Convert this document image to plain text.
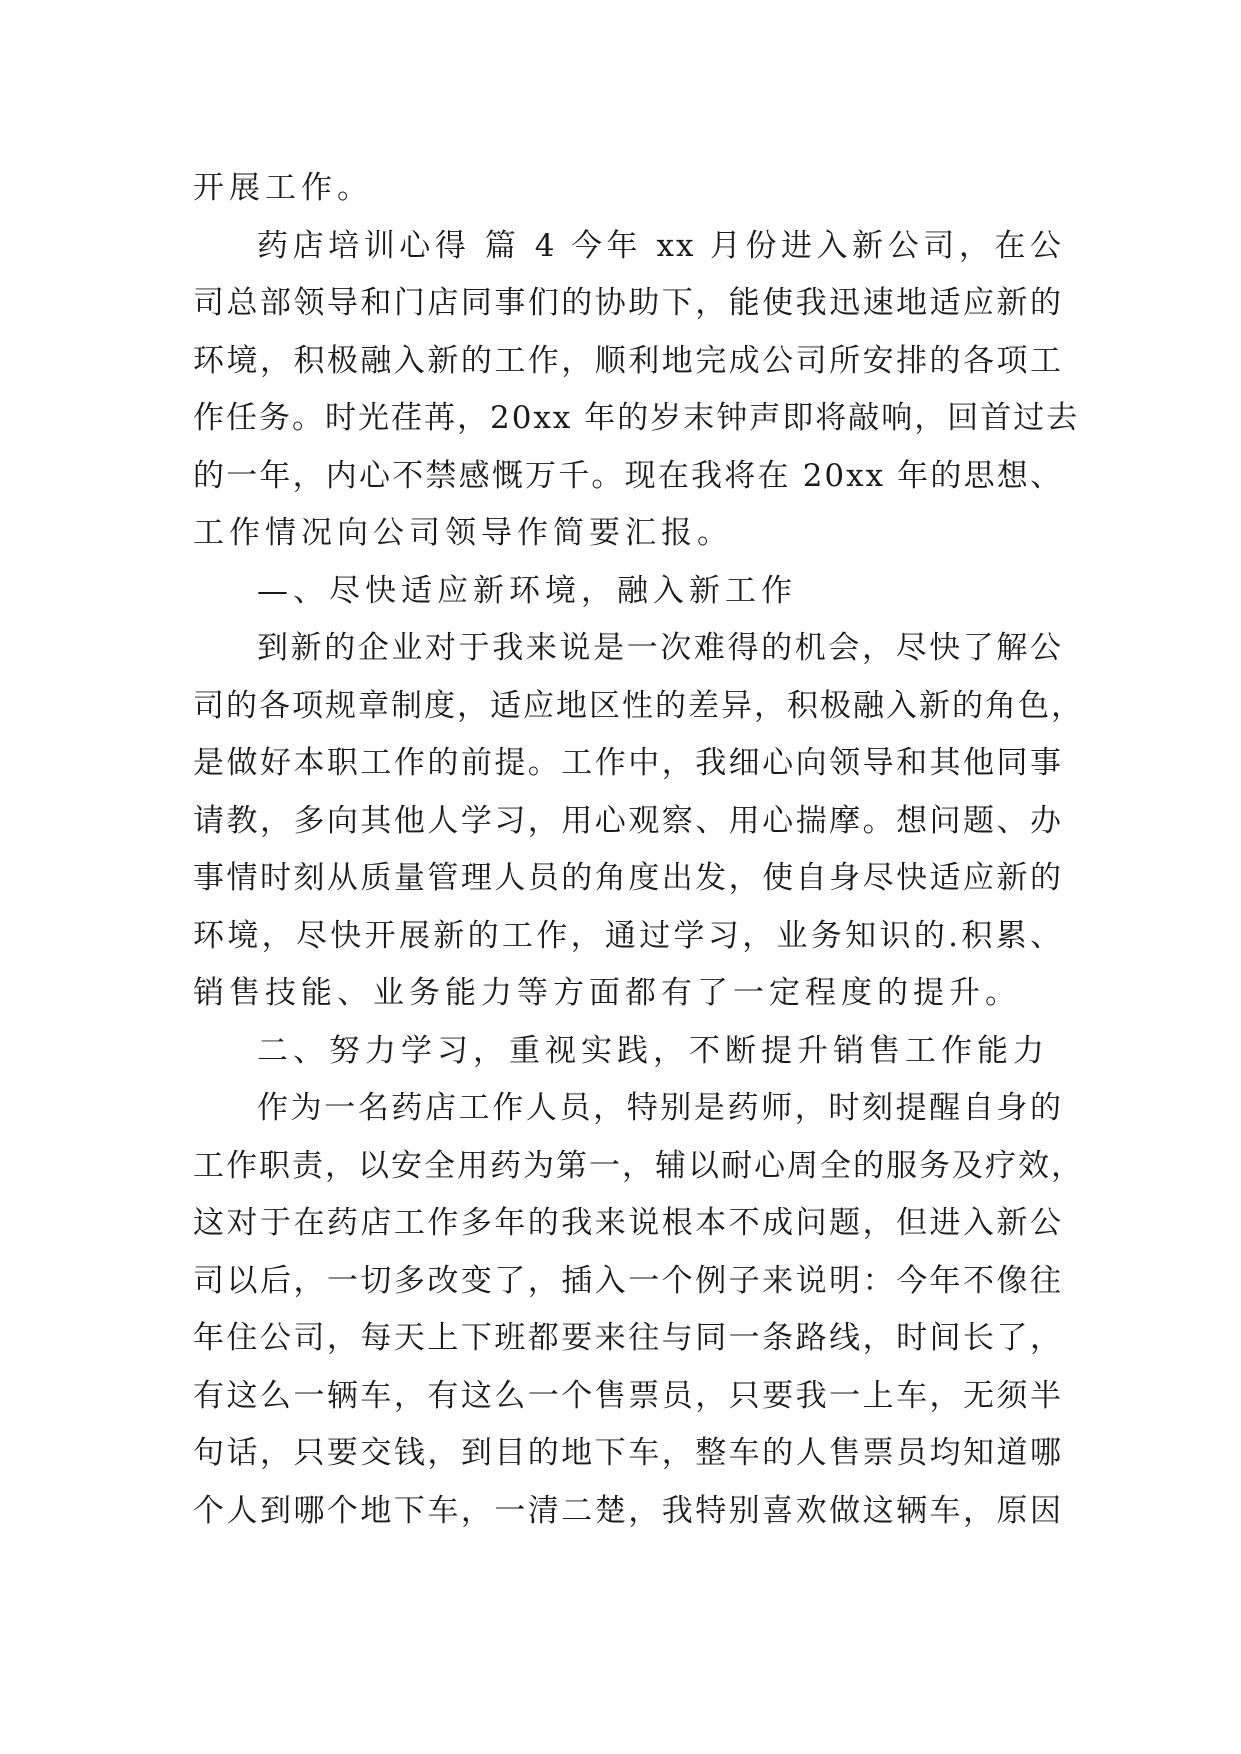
开展工作。
药店培训心得 篇 4 今年 xx 月份进入新公司，在公
司总部领导和门店同事们的协助下，能使我迅速地适应新的
环境，积极融入新的工作，顺利地完成公司所安排的各项工
作任务。时光荏苒，20xx 年的岁末钟声即将敲响，回首过去
的一年，内心不禁感慨万千。现在我将在 20xx 年的思想、
工作情况向公司领导作简要汇报。
—、尽快适应新环境，融入新工作
到新的企业对于我来说是一次难得的机会，尽快了解公
司的各项规章制度，适应地区性的差异，积极融入新的角色，
是做好本职工作的前提。工作中，我细心向领导和其他同事
请教，多向其他人学习，用心观察、用心揣摩。想问题、办
事情时刻从质量管理人员的角度出发，使自身尽快适应新的
环境，尽快开展新的工作，通过学习，业务知识的.积累、
销售技能、业务能力等方面都有了一定程度的提升。
二、努力学习，重视实践，不断提升销售工作能力
作为一名药店工作人员，特别是药师，时刻提醒自身的
工作职责，以安全用药为第一，辅以耐心周全的服务及疗效，
这对于在药店工作多年的我来说根本不成问题，但进入新公
司以后，一切多改变了，插入一个例子来说明：今年不像往
年住公司，每天上下班都要来往与同一条路线，时间长了，
有这么一辆车，有这么一个售票员，只要我一上车，无须半
句话，只要交钱，到目的地下车，整车的人售票员均知道哪
个人到哪个地下车，一清二楚，我特别喜欢做这辆车，原因
